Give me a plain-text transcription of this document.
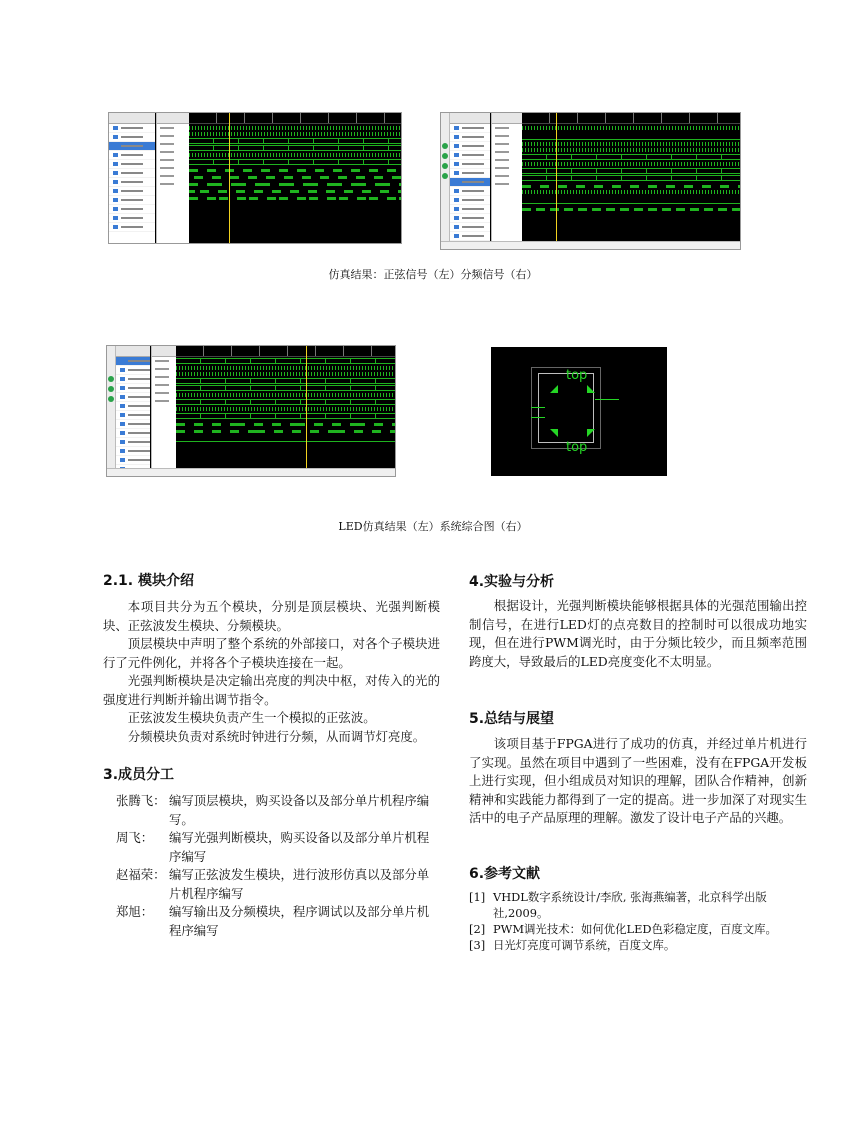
仿真结果：正弦信号（左）分频信号（右）
top
top
LED仿真结果（左）系统综合图（右）
2.1. 模块介绍
本项目共分为五个模块，分别是顶层模块、光强判断模块、正弦波发生模块、分频模块。
顶层模块中声明了整个系统的外部接口，对各个子模块进行了元件例化，并将各个子模块连接在一起。
光强判断模块是决定输出亮度的判决中枢，对传入的光的强度进行判断并输出调节指令。
正弦波发生模块负责产生一个模拟的正弦波。
分频模块负责对系统时钟进行分频，从而调节灯亮度。
3.成员分工
张腾飞： 编写顶层模块，购买设备以及部分单片机程序编写。
周飞：	编写光强判断模块，购买设备以及部分单片机程序编写
赵福荣： 编写正弦波发生模块，进行波形仿真以及部分单片机程序编写
郑旭：	编写输出及分频模块，程序调试以及部分单片机程序编写
4.实验与分析
根据设计，光强判断模块能够根据具体的光强范围输出控制信号，在进行LED灯的点亮数目的控制时可以很成功地实现，但在进行PWM调光时，由于分频比较少，而且频率范围跨度大，导致最后的LED亮度变化不太明显。
5.总结与展望
该项目基于FPGA进行了成功的仿真，并经过单片机进行了实现。虽然在项目中遇到了一些困难，没有在FPGA开发板上进行实现，但小组成员对知识的理解，团队合作精神，创新精神和实践能力都得到了一定的提高。进一步加深了对现实生活中的电子产品原理的理解。激发了设计电子产品的兴趣。
6.参考文献
[1] VHDL数字系统设计/李欣, 张海燕编著，北京科学出版社,2009。
[2] PWM调光技术：如何优化LED色彩稳定度，百度文库。
[3] 日光灯亮度可调节系统，百度文库。
